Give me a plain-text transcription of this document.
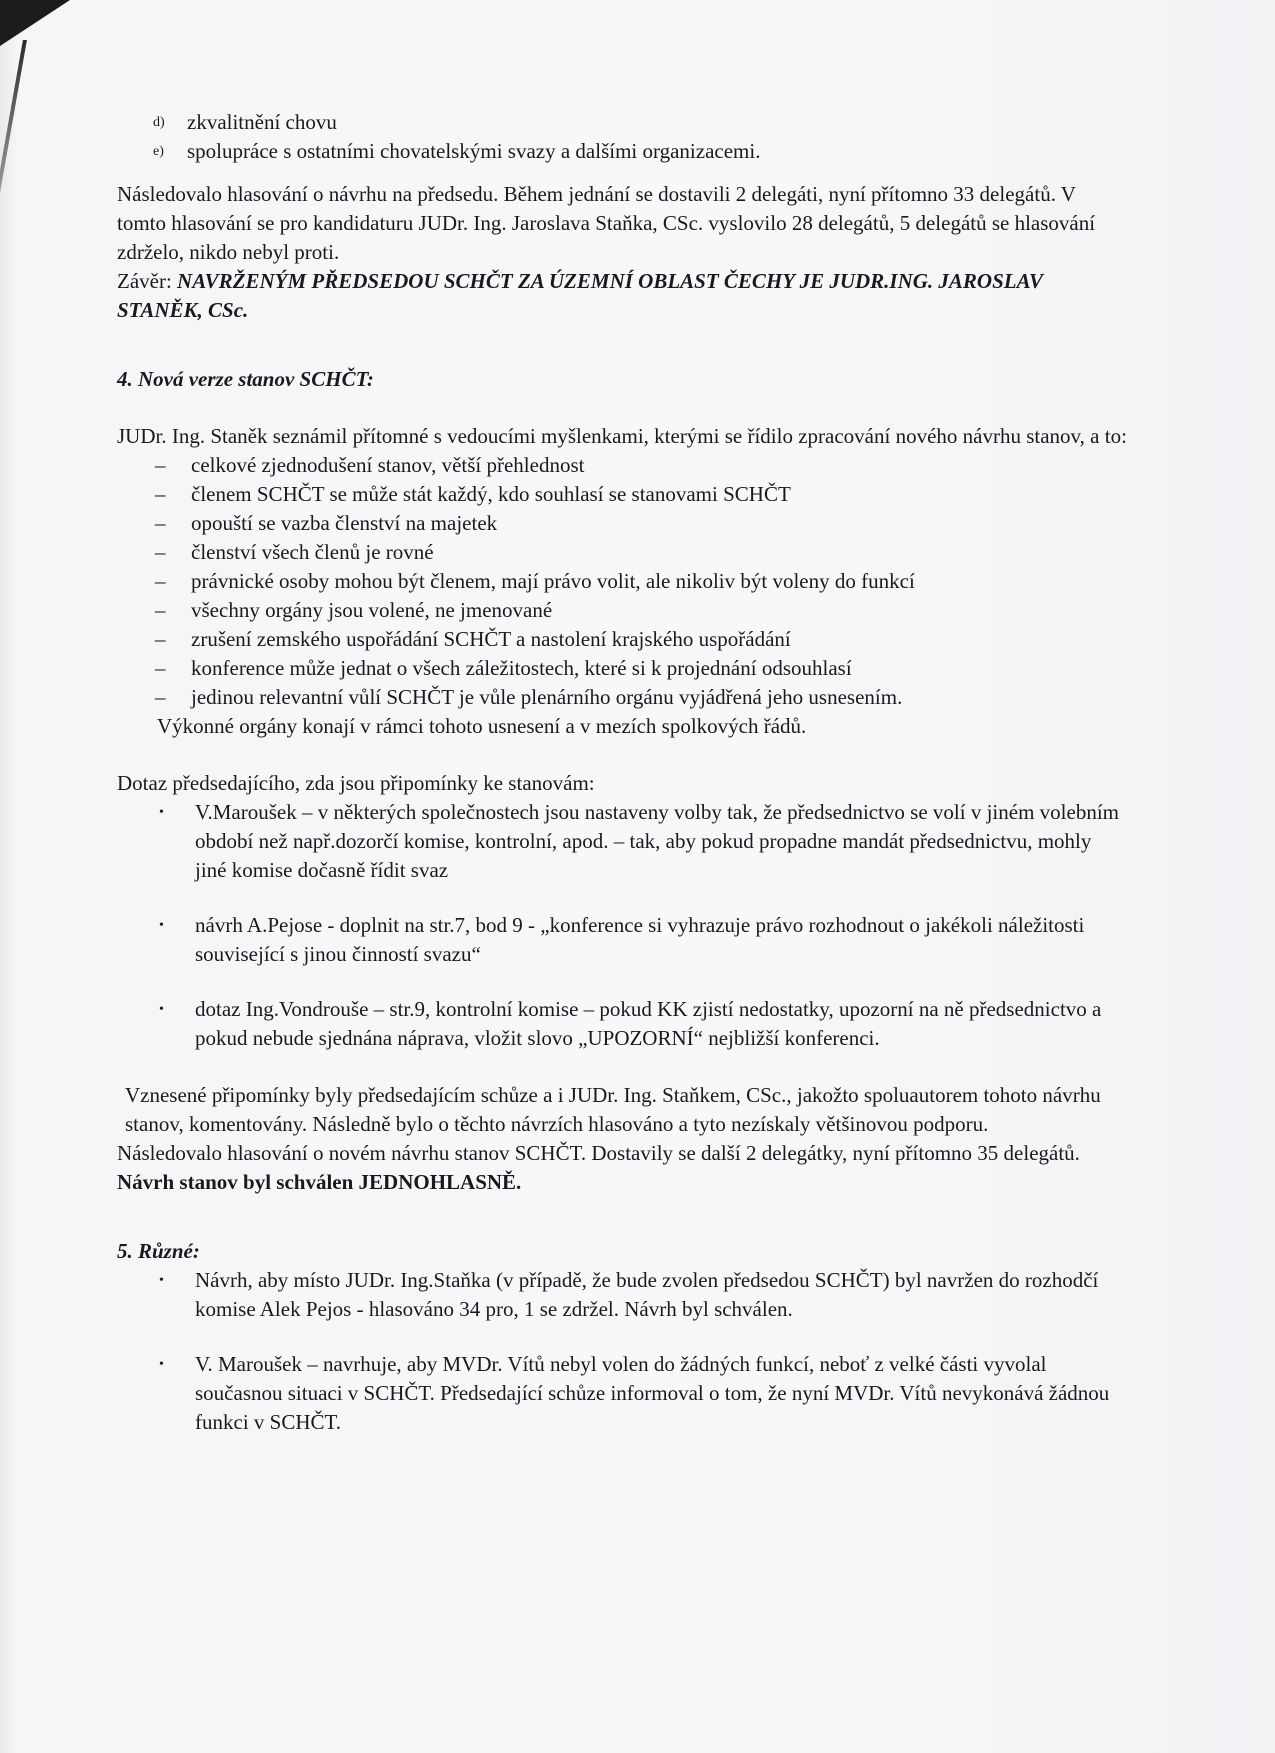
d)	zkvalitnění chovu
e)	spolupráce s ostatními chovatelskými svazy a dalšími organizacemi.

Následovalo hlasování o návrhu na předsedu. Během jednání se dostavili 2 delegáti, nyní přítomno 33 delegátů. V tomto hlasování se pro kandidaturu JUDr. Ing. Jaroslava Staňka, CSc. vyslovilo 28 delegátů, 5 delegátů se hlasování zdrželo, nikdo nebyl proti.

Závěr: NAVRŽENÝM PŘEDSEDOU SCHČT ZA ÚZEMNÍ OBLAST ČECHY JE JUDR.ING. JAROSLAV STANĚK, CSc.

4. Nová verze stanov SCHČT:

JUDr. Ing. Staněk seznámil přítomné s vedoucími myšlenkami, kterými se řídilo zpracování nového návrhu stanov, a to:

–	celkové zjednodušení stanov, větší přehlednost
–	členem SCHČT se může stát každý, kdo souhlasí se stanovami SCHČT
–	opouští se vazba členství na majetek
–	členství všech členů je rovné
–	právnické osoby mohou být členem, mají právo volit, ale nikoliv být voleny do funkcí
–	všechny orgány jsou volené, ne jmenované
–	zrušení zemského uspořádání SCHČT a nastolení krajského uspořádání
–	konference může jednat o všech záležitostech, které si k projednání odsouhlasí
–	jedinou relevantní vůlí SCHČT je vůle plenárního orgánu vyjádřená jeho usnesením.

Výkonné orgány konají v rámci tohoto usnesení a v mezích spolkových řádů.

Dotaz předsedajícího, zda jsou připomínky ke stanovám:

•	V.Maroušek – v některých společnostech jsou nastaveny volby tak, že předsednictvo se volí v jiném volebním období než např.dozorčí komise, kontrolní, apod. – tak, aby pokud propadne mandát předsednictvu, mohly jiné komise dočasně řídit svaz
•	návrh A.Pejose - doplnit na str.7, bod 9 - „konference si vyhrazuje právo rozhodnout o jakékoli náležitosti související s jinou činností svazu“
•	dotaz Ing.Vondrouše – str.9, kontrolní komise – pokud KK zjistí nedostatky, upozorní na ně předsednictvo a pokud nebude sjednána náprava, vložit slovo „UPOZORNÍ“ nejbližší konferenci.

Vznesené připomínky byly předsedajícím schůze a i JUDr. Ing. Staňkem, CSc., jakožto spoluautorem tohoto návrhu stanov, komentovány. Následně bylo o těchto návrzích hlasováno a tyto nezískaly většinovou podporu.

Následovalo hlasování o novém návrhu stanov SCHČT. Dostavily se další 2 delegátky, nyní přítomno 35 delegátů. Návrh stanov byl schválen JEDNOHLASNĚ.

5. Různé:

•	Návrh, aby místo JUDr. Ing.Staňka (v případě, že bude zvolen předsedou SCHČT) byl navržen do rozhodčí komise Alek Pejos - hlasováno 34 pro, 1 se zdržel. Návrh byl schválen.
•	V. Maroušek – navrhuje, aby MVDr. Vítů nebyl volen do žádných funkcí, neboť z velké části vyvolal současnou situaci v SCHČT. Předsedající schůze informoval o tom, že nyní MVDr. Vítů nevykonává žádnou funkci v SCHČT.
